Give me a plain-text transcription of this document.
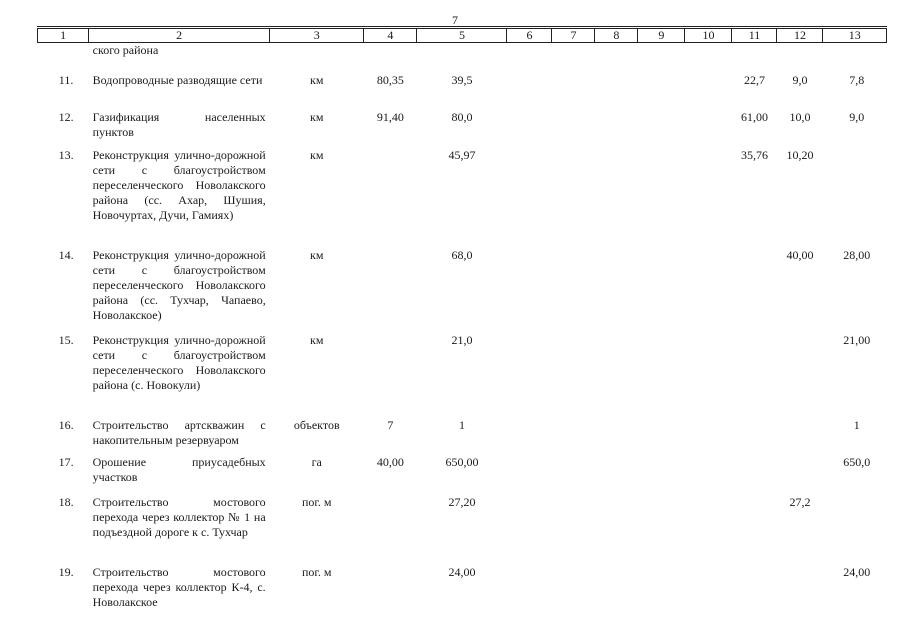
7
1	2	3	4	5	6	7	8	9	10	11	12	13
	ского района											
11.	Водопроводные разводящие сети	км	80,35	39,5						22,7	9,0	7,8
12.	Газификация населенных пунктов	км	91,40	80,0						61,00	10,0	9,0
13.	Реконструкция улично-дорожной сети с благоустройством переселенческого Новолакского района (сс. Ахар, Шушия, Новочуртах, Дучи, Гамиях)	км		45,97						35,76	10,20	
14.	Реконструкция улично-дорожной сети с благоустройством переселенческого Новолакского района (сс. Тухчар, Чапаево, Новолакское)	км		68,0							40,00	28,00
15.	Реконструкция улично-дорожной сети с благоустройством переселенческого Новолакского района (с. Новокули)	км		21,0								21,00
16.	Строительство артскважин с накопительным резервуаром	объектов	7	1								1
17.	Орошение приусадебных участков	га	40,00	650,00								650,0
18.	Строительство мостового перехода через коллектор № 1 на подъездной дороге к с. Тухчар	пог. м		27,20							27,2	
19.	Строительство мостового перехода через коллектор К-4, с. Новолакское	пог. м		24,00								24,00
